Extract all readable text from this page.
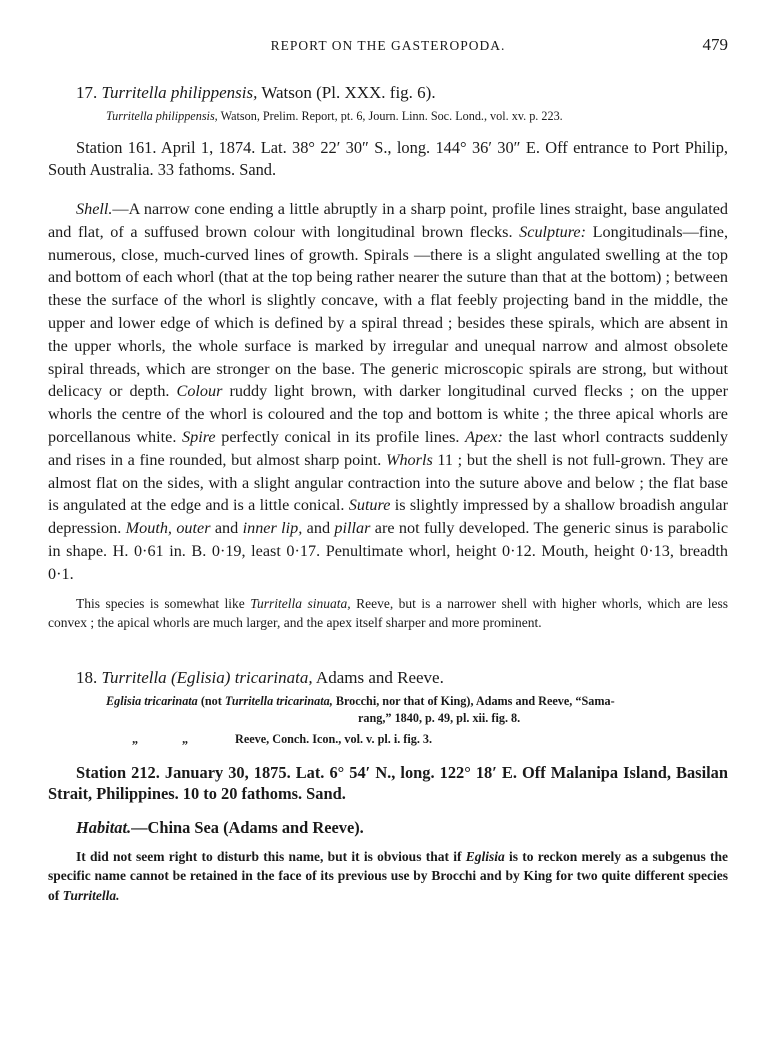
REPORT ON THE GASTEROPODA.	479
17. Turritella philippensis, Watson (Pl. XXX. fig. 6).
Turritella philippensis, Watson, Prelim. Report, pt. 6, Journ. Linn. Soc. Lond., vol. xv. p. 223.
Station 161. April 1, 1874. Lat. 38° 22′ 30″ S., long. 144° 36′ 30″ E. Off entrance to Port Philip, South Australia. 33 fathoms. Sand.
Shell.—A narrow cone ending a little abruptly in a sharp point, profile lines straight, base angulated and flat, of a suffused brown colour with longitudinal brown flecks. Sculpture: Longitudinals—fine, numerous, close, much-curved lines of growth. Spirals —there is a slight angulated swelling at the top and bottom of each whorl (that at the top being rather nearer the suture than that at the bottom) ; between these the surface of the whorl is slightly concave, with a flat feebly projecting band in the middle, the upper and lower edge of which is defined by a spiral thread ; besides these spirals, which are absent in the upper whorls, the whole surface is marked by irregular and unequal narrow and almost obsolete spiral threads, which are stronger on the base. The generic microscopic spirals are strong, but without delicacy or depth. Colour ruddy light brown, with darker longitudinal curved flecks ; on the upper whorls the centre of the whorl is coloured and the top and bottom is white ; the three apical whorls are porcellanous white. Spire perfectly conical in its profile lines. Apex: the last whorl contracts suddenly and rises in a fine rounded, but almost sharp point. Whorls 11 ; but the shell is not full-grown. They are almost flat on the sides, with a slight angular contraction into the suture above and below ; the flat base is angulated at the edge and is a little conical. Suture is slightly impressed by a shallow broadish angular depression. Mouth, outer and inner lip, and pillar are not fully developed. The generic sinus is parabolic in shape. H. 0·61 in. B. 0·19, least 0·17. Penultimate whorl, height 0·12. Mouth, height 0·13, breadth 0·1.
This species is somewhat like Turritella sinuata, Reeve, but is a narrower shell with higher whorls, which are less convex ; the apical whorls are much larger, and the apex itself sharper and more prominent.
18. Turritella (Eglisia) tricarinata, Adams and Reeve.
Eglisia tricarinata (not Turritella tricarinata, Brocchi, nor that of King), Adams and Reeve, “Sama-
rang,” 1840, p. 49, pl. xii. fig. 8.
„	„	Reeve, Conch. Icon., vol. v. pl. i. fig. 3.
Station 212. January 30, 1875. Lat. 6° 54′ N., long. 122° 18′ E. Off Malanipa Island, Basilan Strait, Philippines. 10 to 20 fathoms. Sand.
Habitat.—China Sea (Adams and Reeve).
It did not seem right to disturb this name, but it is obvious that if Eglisia is to reckon merely as a subgenus the specific name cannot be retained in the face of its previous use by Brocchi and by King for two quite different species of Turritella.
